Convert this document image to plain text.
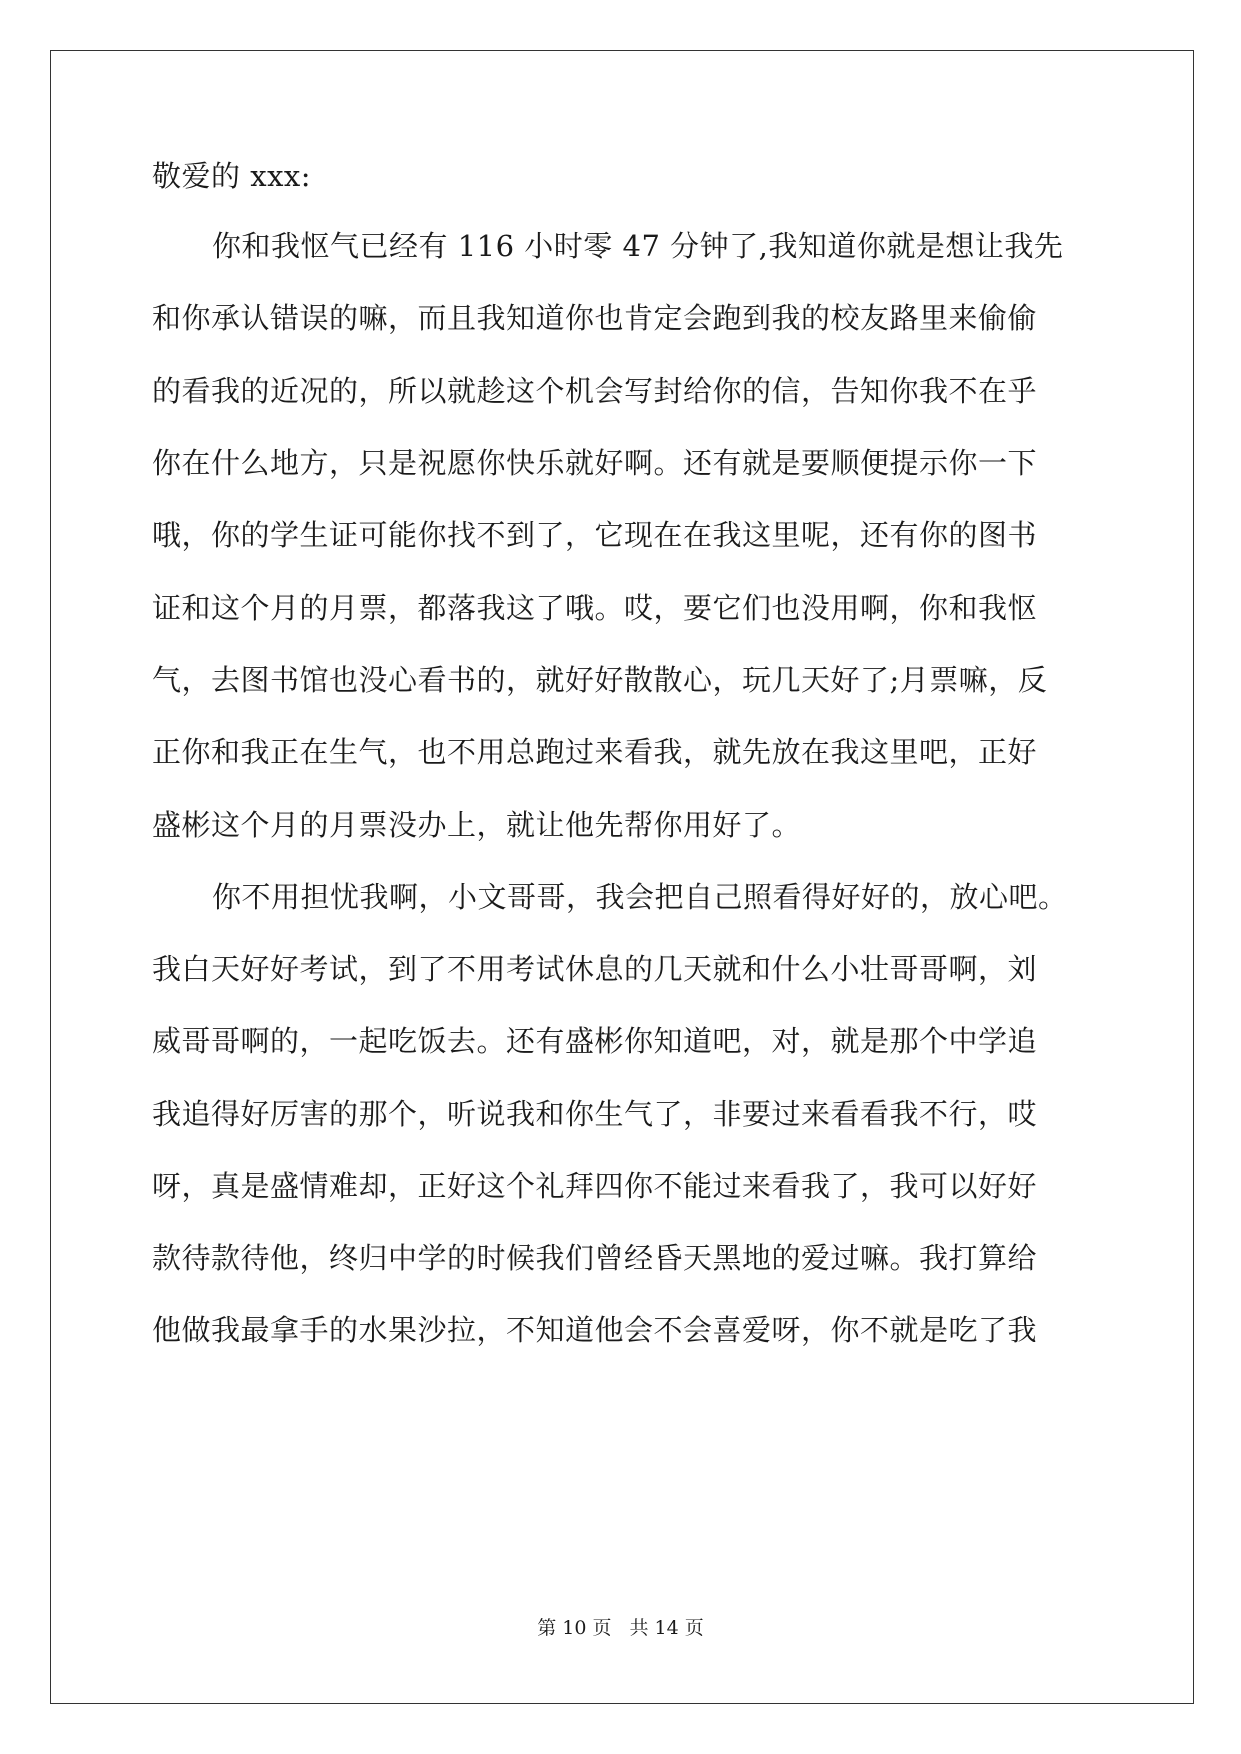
敬爱的 xxx:
你和我怄气已经有 116 小时零 47 分钟了,我知道你就是想让我先
和你承认错误的嘛，而且我知道你也肯定会跑到我的校友路里来偷偷
的看我的近况的，所以就趁这个机会写封给你的信，告知你我不在乎
你在什么地方，只是祝愿你快乐就好啊。还有就是要顺便提示你一下
哦，你的学生证可能你找不到了，它现在在我这里呢，还有你的图书
证和这个月的月票，都落我这了哦。哎，要它们也没用啊，你和我怄
气，去图书馆也没心看书的，就好好散散心，玩几天好了;月票嘛，反
正你和我正在生气，也不用总跑过来看我，就先放在我这里吧，正好
盛彬这个月的月票没办上，就让他先帮你用好了。
你不用担忧我啊，小文哥哥，我会把自己照看得好好的，放心吧。
我白天好好考试，到了不用考试休息的几天就和什么小壮哥哥啊，刘
威哥哥啊的，一起吃饭去。还有盛彬你知道吧，对，就是那个中学追
我追得好厉害的那个，听说我和你生气了，非要过来看看我不行，哎
呀，真是盛情难却，正好这个礼拜四你不能过来看我了，我可以好好
款待款待他，终归中学的时候我们曾经昏天黑地的爱过嘛。我打算给
他做我最拿手的水果沙拉，不知道他会不会喜爱呀，你不就是吃了我
第 10 页 共 14 页
